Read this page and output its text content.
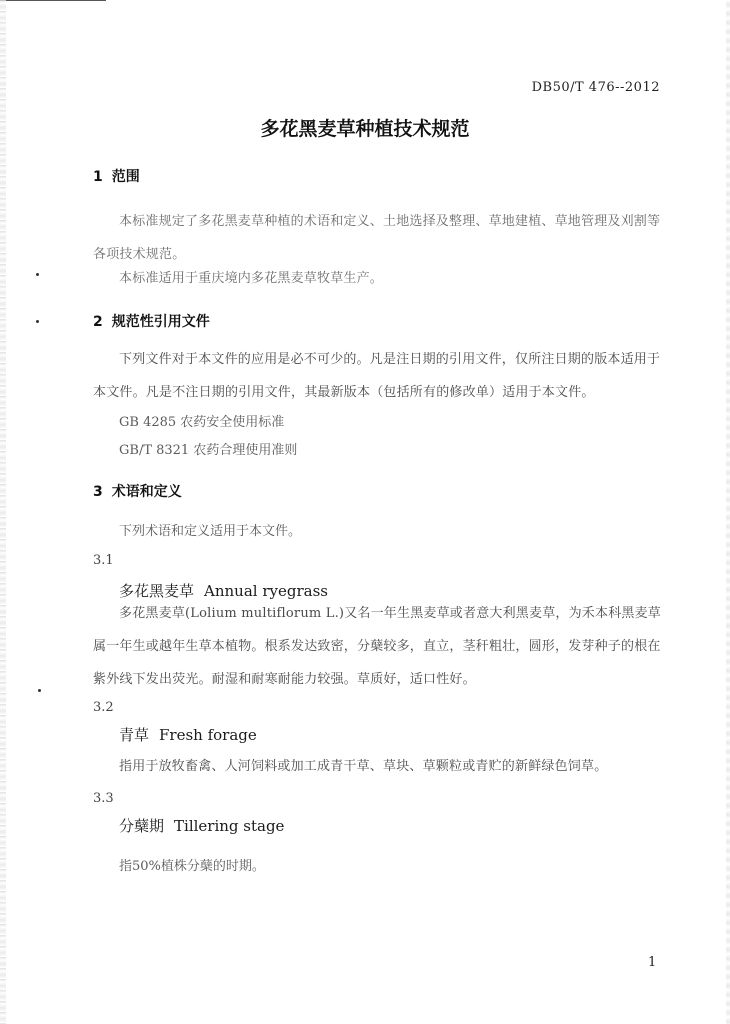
DB50/T 476--2012
多花黑麦草种植技术规范
1 范围
本标准规定了多花黑麦草种植的术语和定义、土地选择及整理、草地建植、草地管理及刈割等各项技术规范。
本标准适用于重庆境内多花黑麦草牧草生产。
2 规范性引用文件
下列文件对于本文件的应用是必不可少的。凡是注日期的引用文件，仅所注日期的版本适用于本文件。凡是不注日期的引用文件，其最新版本（包括所有的修改单）适用于本文件。
GB 4285 农药安全使用标准
GB/T 8321 农药合理使用准则
3 术语和定义
下列术语和定义适用于本文件。
3.1
多花黑麦草 Annual ryegrass
多花黑麦草(Lolium multiflorum L.)又名一年生黑麦草或者意大利黑麦草，为禾本科黑麦草属一年生或越年生草本植物。根系发达致密，分蘖较多，直立，茎秆粗壮，圆形，发芽种子的根在紫外线下发出荧光。耐湿和耐寒耐能力较强。草质好，适口性好。
3.2
青草 Fresh forage
指用于放牧畜禽、人河饲料或加工成青干草、草块、草颗粒或青贮的新鲜绿色饲草。
3.3
分蘖期 Tillering stage
指50%植株分蘖的时期。
1
